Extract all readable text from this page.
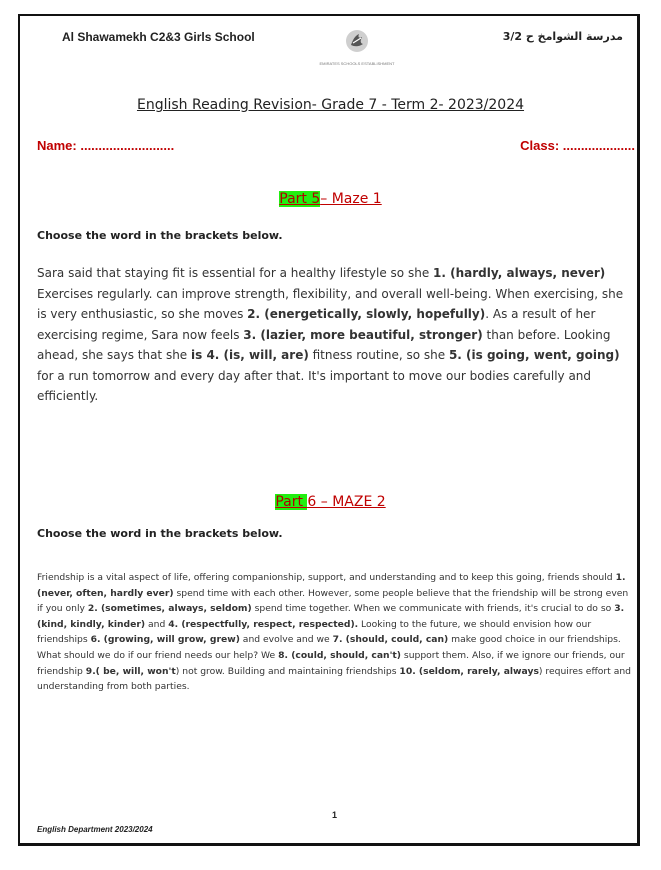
Al Shawamekh C2&3 Girls School
EMIRATES SCHOOLS ESTABLISHMENT
مدرسة الشوامخ ح 3/2
English Reading Revision- Grade 7 - Term 2- 2023/2024
Name: ..........................	Class: ....................
Part 5– Maze 1
Choose the word in the brackets below.
Sara said that staying fit is essential for a healthy lifestyle so she 1. (hardly, always, never) Exercises regularly. can improve strength, flexibility, and overall well-being. When exercising, she is very enthusiastic, so she moves 2. (energetically, slowly, hopefully). As a result of her exercising regime, Sara now feels 3. (lazier, more beautiful, stronger) than before. Looking ahead, she says that she is 4. (is, will, are) fitness routine, so she 5. (is going, went, going) for a run tomorrow and every day after that. It's important to move our bodies carefully and efficiently.
Part 6 – MAZE 2
Choose the word in the brackets below.
Friendship is a vital aspect of life, offering companionship, support, and understanding and to keep this going, friends should 1. (never, often, hardly ever) spend time with each other. However, some people believe that the friendship will be strong even if you only 2. (sometimes, always, seldom) spend time together. When we communicate with friends, it's crucial to do so 3. (kind, kindly, kinder) and 4. (respectfully, respect, respected). Looking to the future, we should envision how our friendships 6. (growing, will grow, grew) and evolve and we 7. (should, could, can) make good choice in our friendships. What should we do if our friend needs our help? We 8. (could, should, can't) support them. Also, if we ignore our friends, our friendship 9.( be, will, won't) not grow. Building and maintaining friendships 10. (seldom, rarely, always) requires effort and understanding from both parties.
1
English Department 2023/2024
